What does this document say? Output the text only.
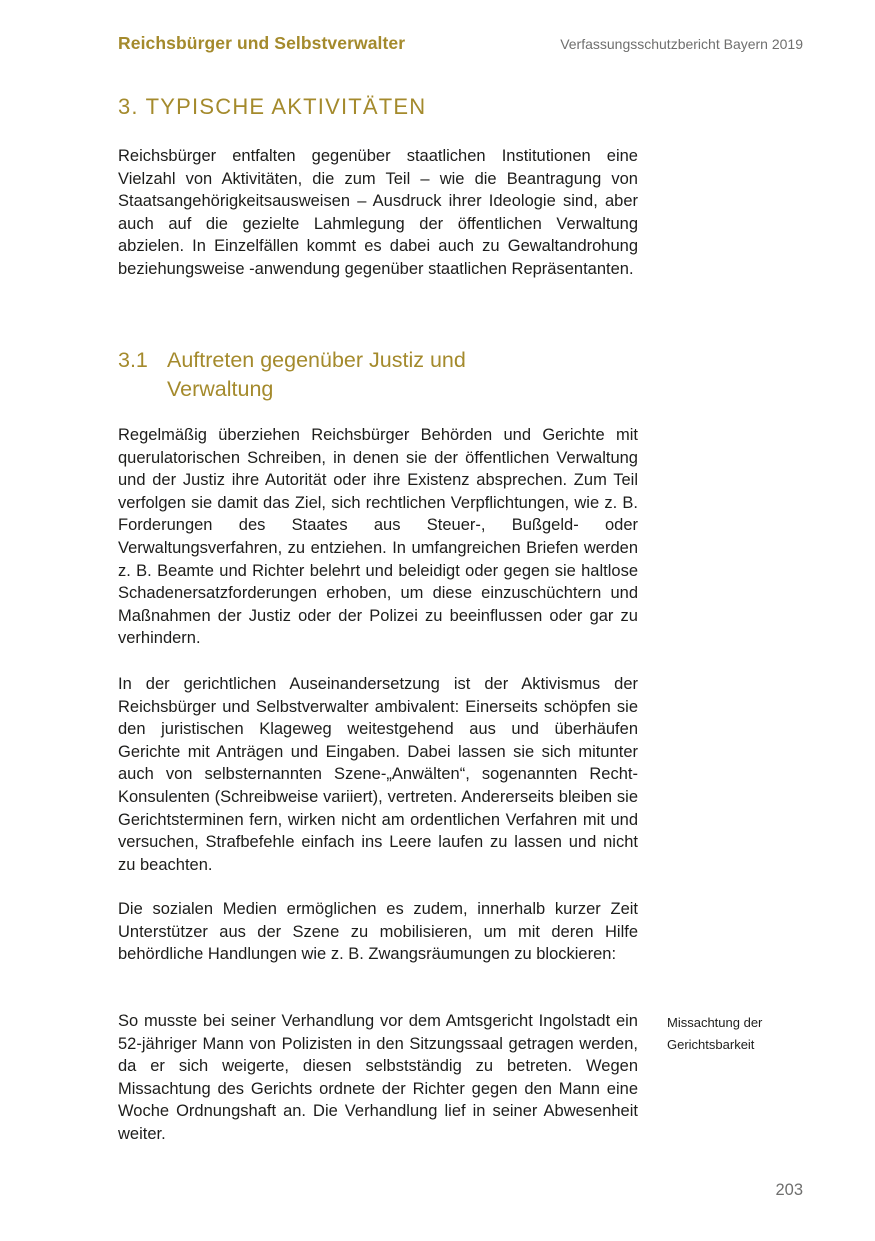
Reichsbürger und Selbstverwalter	Verfassungsschutzbericht Bayern 2019
3. TYPISCHE AKTIVITÄTEN

Reichsbürger entfalten gegenüber staatlichen Institutionen eine Vielzahl von Aktivitäten, die zum Teil – wie die Beantragung von Staatsangehörigkeitsausweisen – Ausdruck ihrer Ideologie sind, aber auch auf die gezielte Lahmlegung der öffentlichen Verwaltung abzielen. In Einzelfällen kommt es dabei auch zu Gewaltandrohung beziehungsweise -anwendung gegenüber staatlichen Repräsentanten.

3.1 Auftreten gegenüber Justiz und Verwaltung

Regelmäßig überziehen Reichsbürger Behörden und Gerichte mit querulatorischen Schreiben, in denen sie der öffentlichen Verwaltung und der Justiz ihre Autorität oder ihre Existenz absprechen. Zum Teil verfolgen sie damit das Ziel, sich rechtlichen Verpflichtungen, wie z. B. Forderungen des Staates aus Steuer-, Bußgeld- oder Verwaltungsverfahren, zu entziehen. In umfangreichen Briefen werden z. B. Beamte und Richter belehrt und beleidigt oder gegen sie haltlose Schadenersatzforderungen erhoben, um diese einzuschüchtern und Maßnahmen der Justiz oder der Polizei zu beeinflussen oder gar zu verhindern.

In der gerichtlichen Auseinandersetzung ist der Aktivismus der Reichsbürger und Selbstverwalter ambivalent: Einerseits schöpfen sie den juristischen Klageweg weitestgehend aus und überhäufen Gerichte mit Anträgen und Eingaben. Dabei lassen sie sich mitunter auch von selbsternannten Szene-„Anwälten“, sogenannten Recht-Konsulenten (Schreibweise variiert), vertreten. Andererseits bleiben sie Gerichtsterminen fern, wirken nicht am ordentlichen Verfahren mit und versuchen, Strafbefehle einfach ins Leere laufen zu lassen und nicht zu beachten.

Die sozialen Medien ermöglichen es zudem, innerhalb kurzer Zeit Unterstützer aus der Szene zu mobilisieren, um mit deren Hilfe behördliche Handlungen wie z. B. Zwangsräumungen zu blockieren:

So musste bei seiner Verhandlung vor dem Amtsgericht Ingolstadt ein 52-jähriger Mann von Polizisten in den Sitzungssaal getragen werden, da er sich weigerte, diesen selbstständig zu betreten. Wegen Missachtung des Gerichts ordnete der Richter gegen den Mann eine Woche Ordnungshaft an. Die Verhandlung lief in seiner Abwesenheit weiter.

Missachtung der Gerichtsbarkeit

203
